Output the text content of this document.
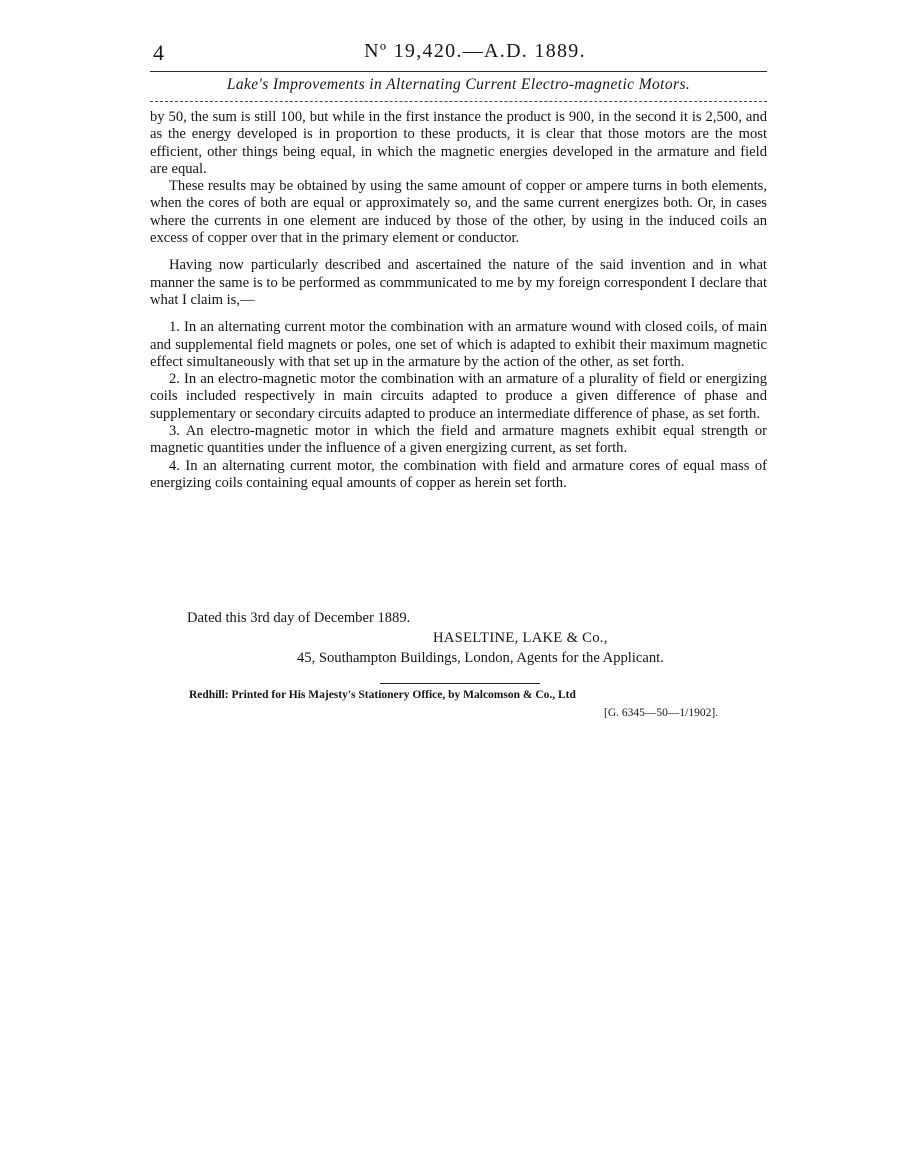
4	Nº 19,420.—A.D. 1889.
Lake's Improvements in Alternating Current Electro-magnetic Motors.

by 50, the sum is still 100, but while in the first instance the product is 900, in the second it is 2,500, and as the energy developed is in proportion to these products, it is clear that those motors are the most efficient, other things being equal, in which the magnetic energies developed in the armature and field are equal.

These results may be obtained by using the same amount of copper or ampere turns in both elements, when the cores of both are equal or approximately so, and the same current energizes both. Or, in cases where the currents in one element are induced by those of the other, by using in the induced coils an excess of copper over that in the primary element or conductor.

Having now particularly described and ascertained the nature of the said invention and in what manner the same is to be performed as commmunicated to me by my foreign correspondent I declare that what I claim is,—

1. In an alternating current motor the combination with an armature wound with closed coils, of main and supplemental field magnets or poles, one set of which is adapted to exhibit their maximum magnetic effect simultaneously with that set up in the armature by the action of the other, as set forth.

2. In an electro-magnetic motor the combination with an armature of a plurality of field or energizing coils included respectively in main circuits adapted to produce a given difference of phase and supplementary or secondary circuits adapted to produce an intermediate difference of phase, as set forth.

3. An electro-magnetic motor in which the field and armature magnets exhibit equal strength or magnetic quantities under the influence of a given energizing current, as set forth.

4. In an alternating current motor, the combination with field and armature cores of equal mass of energizing coils containing equal amounts of copper as herein set forth.

Dated this 3rd day of December 1889.
HASELTINE, LAKE & Co.,
45, Southampton Buildings, London, Agents for the Applicant.
Redhill: Printed for His Majesty's Stationery Office, by Malcomson & Co., Ltd
[G. 6345—50—1/1902].
